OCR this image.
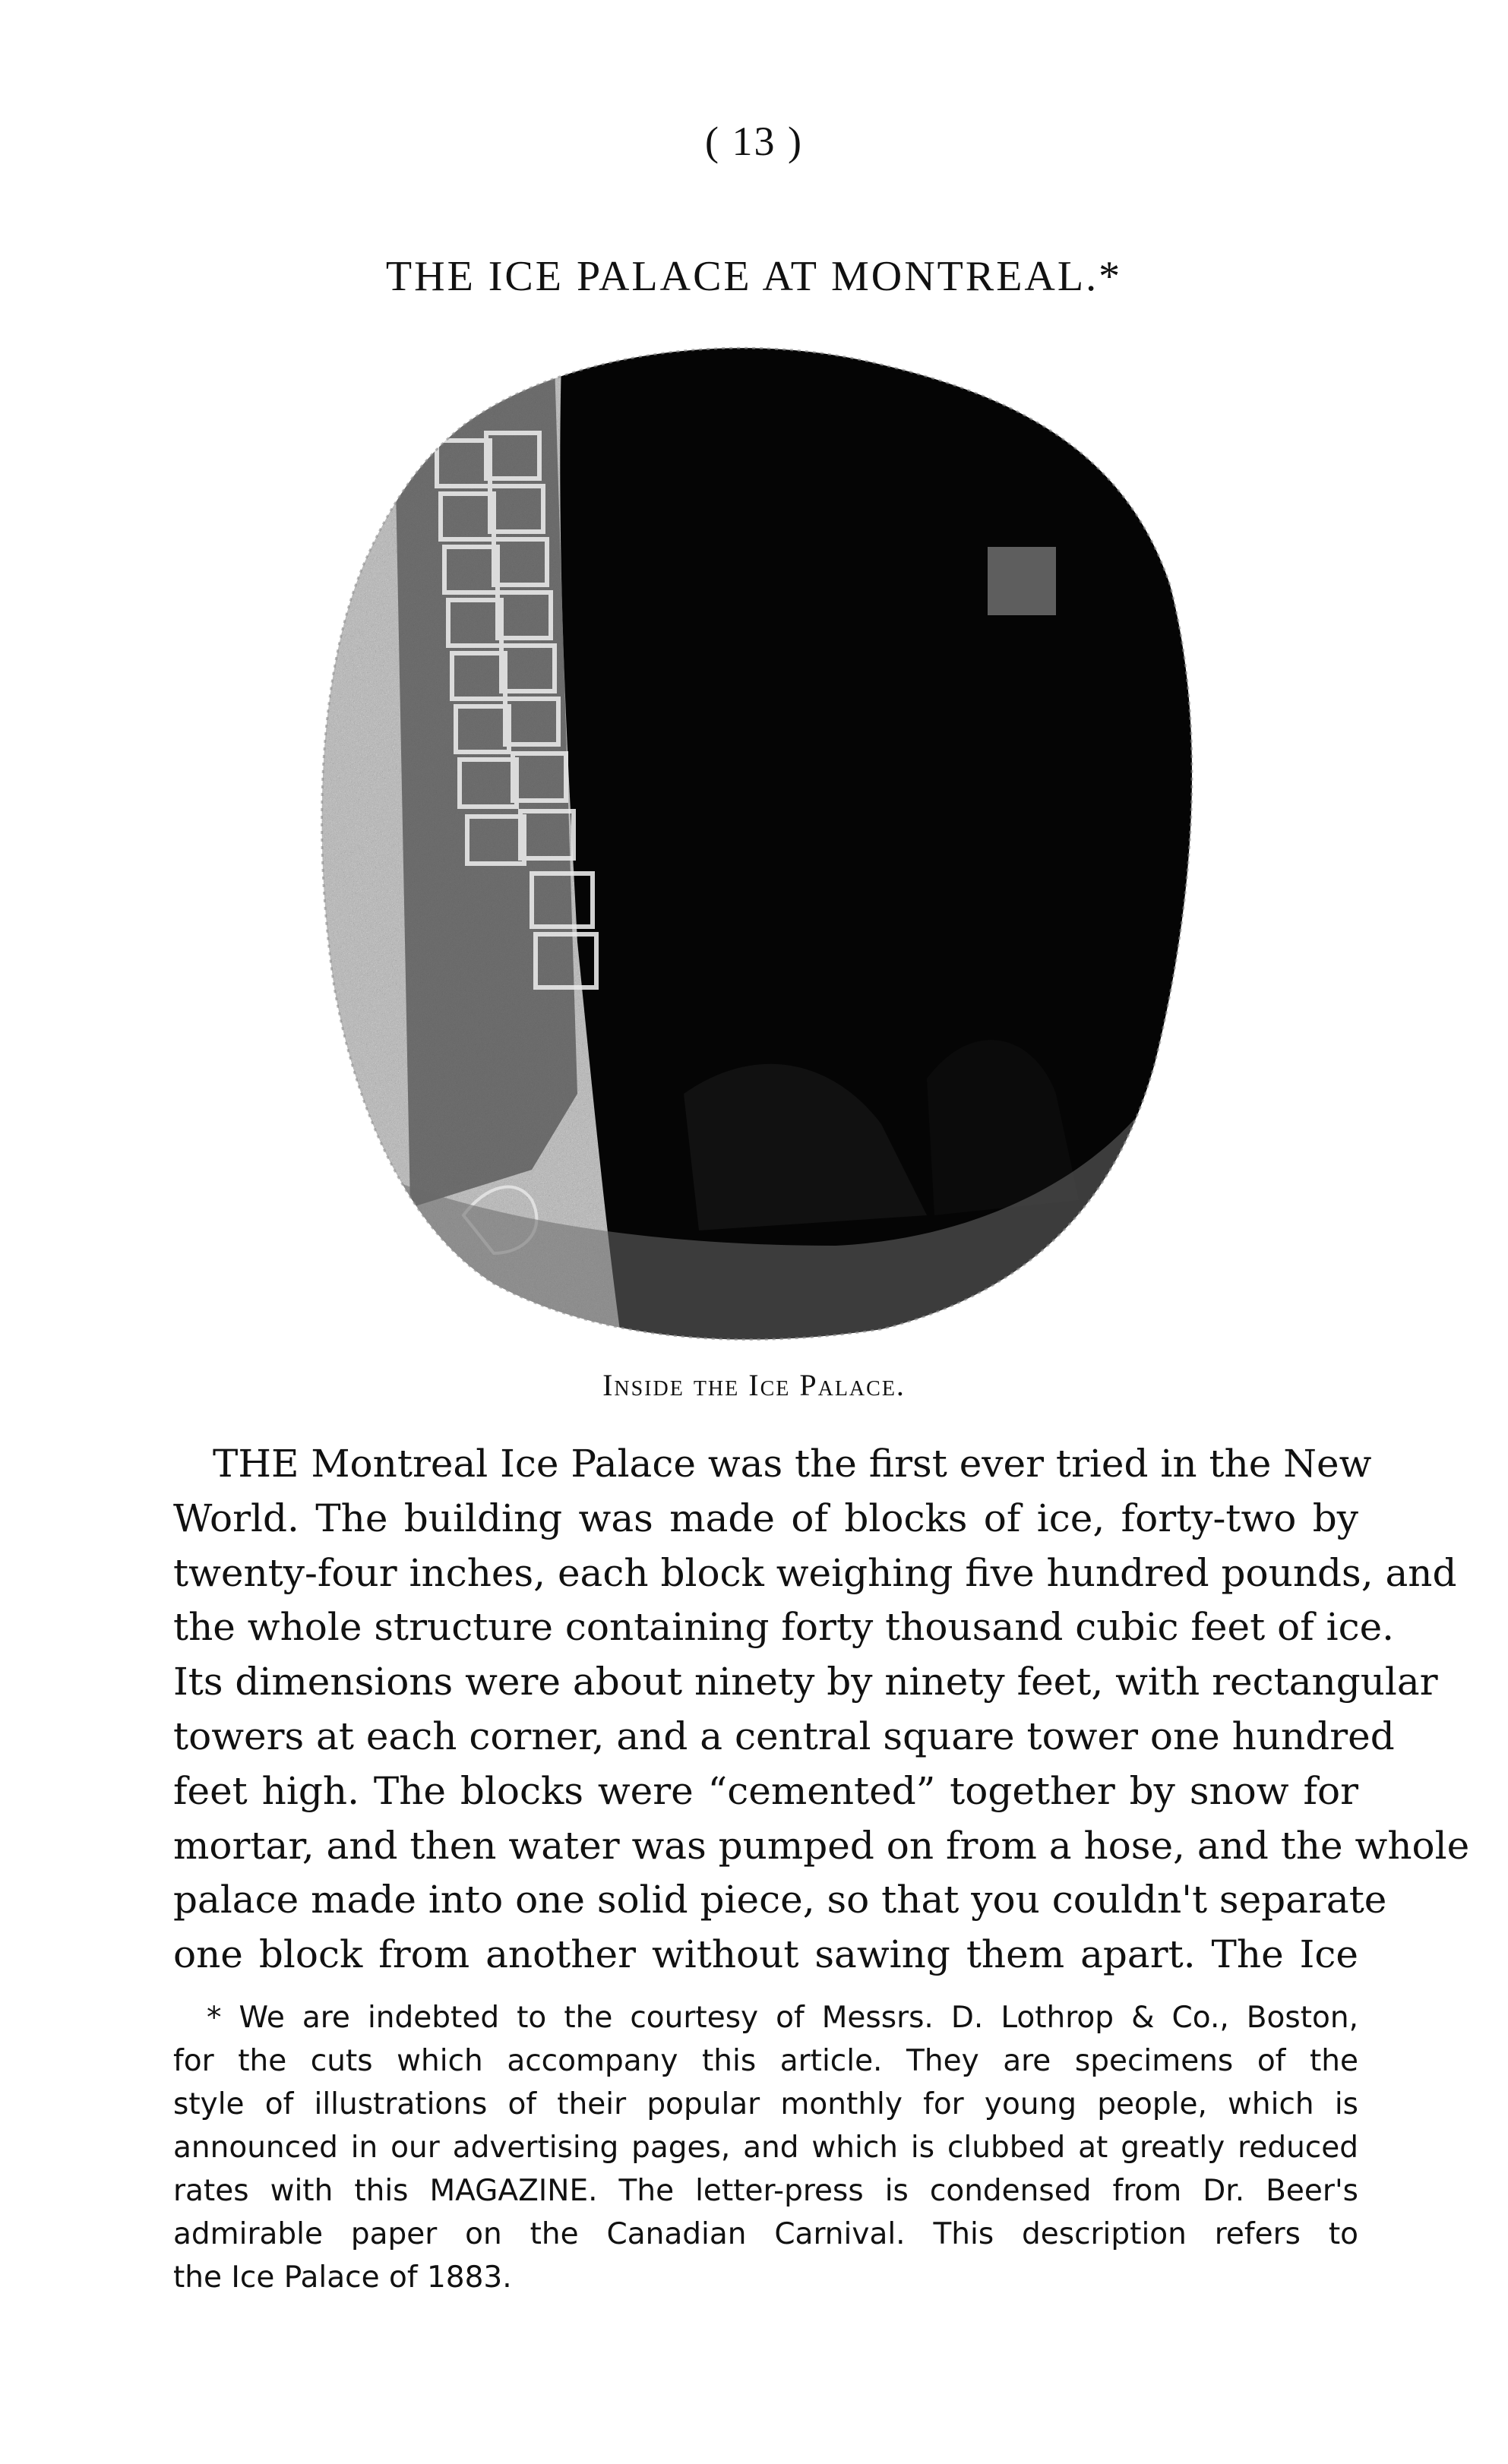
( 13 )
THE ICE PALACE AT MONTREAL.*
Inside the Ice Palace.
THE Montreal Ice Palace was the first ever tried in the New
World. The building was made of blocks of ice, forty-two by
twenty-four inches, each block weighing five hundred pounds, and
the whole structure containing forty thousand cubic feet of ice.
Its dimensions were about ninety by ninety feet, with rectangular
towers at each corner, and a central square tower one hundred
feet high. The blocks were “cemented” together by snow for
mortar, and then water was pumped on from a hose, and the whole
palace made into one solid piece, so that you couldn't separate
one block from another without sawing them apart. The Ice
* We are indebted to the courtesy of Messrs. D. Lothrop & Co., Boston,
for the cuts which accompany this article. They are specimens of the
style of illustrations of their popular monthly for young people, which is
announced in our advertising pages, and which is clubbed at greatly reduced
rates with this MAGAZINE. The letter-press is condensed from Dr. Beer's
admirable paper on the Canadian Carnival. This description refers to
the Ice Palace of 1883.
